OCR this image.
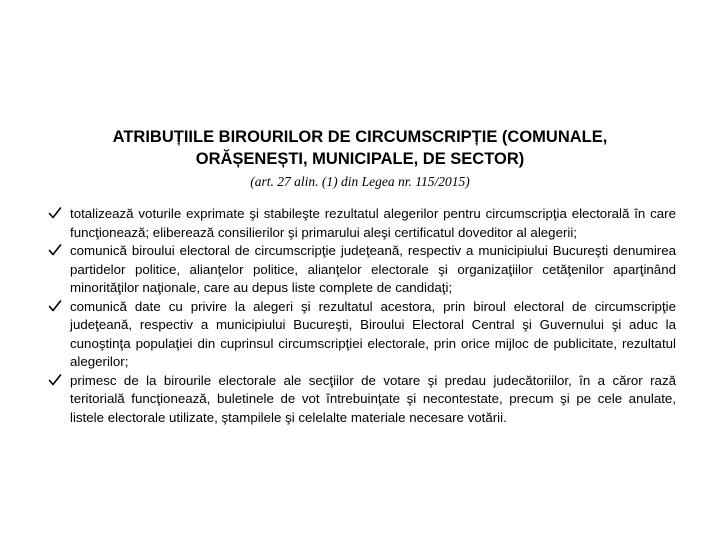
ATRIBUȚIILE BIROURILOR DE CIRCUMSCRIPȚIE (COMUNALE,
ORĂȘENEȘTI, MUNICIPALE, DE SECTOR)

(art. 27 alin. (1) din Legea nr. 115/2015)

totalizează voturile exprimate şi stabileşte rezultatul alegerilor pentru circumscripţia electorală în care funcţionează; eliberează consilierilor şi primarului aleşi certificatul doveditor al alegerii;
comunică biroului electoral de circumscripţie judeţeană, respectiv a municipiului Bucureşti denumirea partidelor politice, alianţelor politice, alianţelor electorale şi organizaţiilor cetăţenilor aparţinând minorităţilor naţionale, care au depus liste complete de candidaţi;
comunică date cu privire la alegeri şi rezultatul acestora, prin biroul electoral de circumscripţie judeţeană, respectiv a municipiului Bucureşti, Biroului Electoral Central şi Guvernului şi aduc la cunoştinţa populaţiei din cuprinsul circumscripţiei electorale, prin orice mijloc de publicitate, rezultatul alegerilor;
primesc de la birourile electorale ale secţiilor de votare şi predau judecătoriilor, în a căror rază teritorială funcţionează, buletinele de vot întrebuinţate şi necontestate, precum şi pe cele anulate, listele electorale utilizate, ştampilele şi celelalte materiale necesare votării.
